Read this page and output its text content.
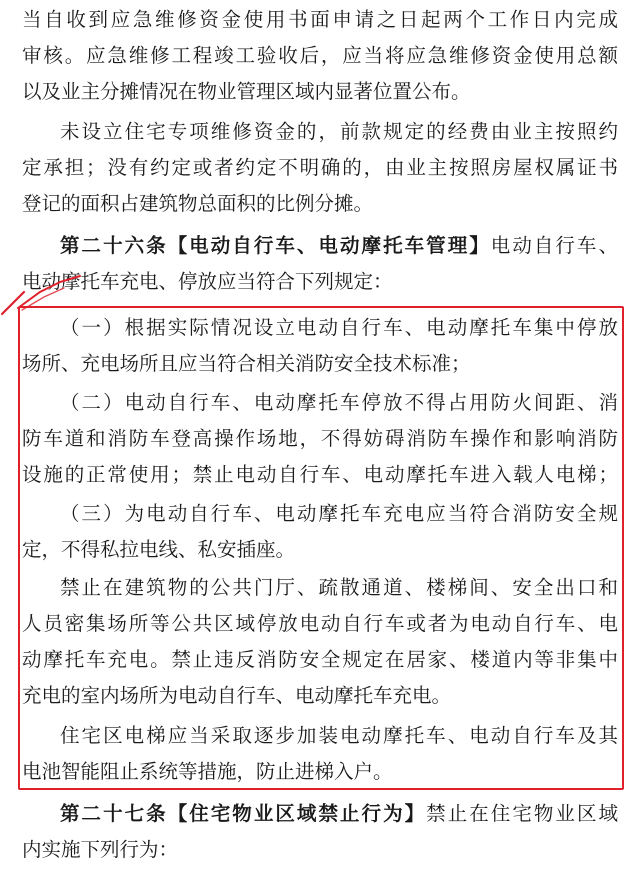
当自收到应急维修资金使用书面申请之日起两个工作日内完成
审核。应急维修工程竣工验收后，应当将应急维修资金使用总额
以及业主分摊情况在物业管理区域内显著位置公布。
未设立住宅专项维修资金的，前款规定的经费由业主按照约
定承担；没有约定或者约定不明确的，由业主按照房屋权属证书
登记的面积占建筑物总面积的比例分摊。
第二十六条【电动自行车、电动摩托车管理】电动自行车、
电动摩托车充电、停放应当符合下列规定：
（一）根据实际情况设立电动自行车、电动摩托车集中停放
场所、充电场所且应当符合相关消防安全技术标准；
（二）电动自行车、电动摩托车停放不得占用防火间距、消
防车道和消防车登高操作场地，不得妨碍消防车操作和影响消防
设施的正常使用；禁止电动自行车、电动摩托车进入载人电梯；
（三）为电动自行车、电动摩托车充电应当符合消防安全规
定，不得私拉电线、私安插座。
禁止在建筑物的公共门厅、疏散通道、楼梯间、安全出口和
人员密集场所等公共区域停放电动自行车或者为电动自行车、电
动摩托车充电。禁止违反消防安全规定在居家、楼道内等非集中
充电的室内场所为电动自行车、电动摩托车充电。
住宅区电梯应当采取逐步加装电动摩托车、电动自行车及其
电池智能阻止系统等措施，防止进梯入户。
第二十七条【住宅物业区域禁止行为】禁止在住宅物业区域
内实施下列行为：
